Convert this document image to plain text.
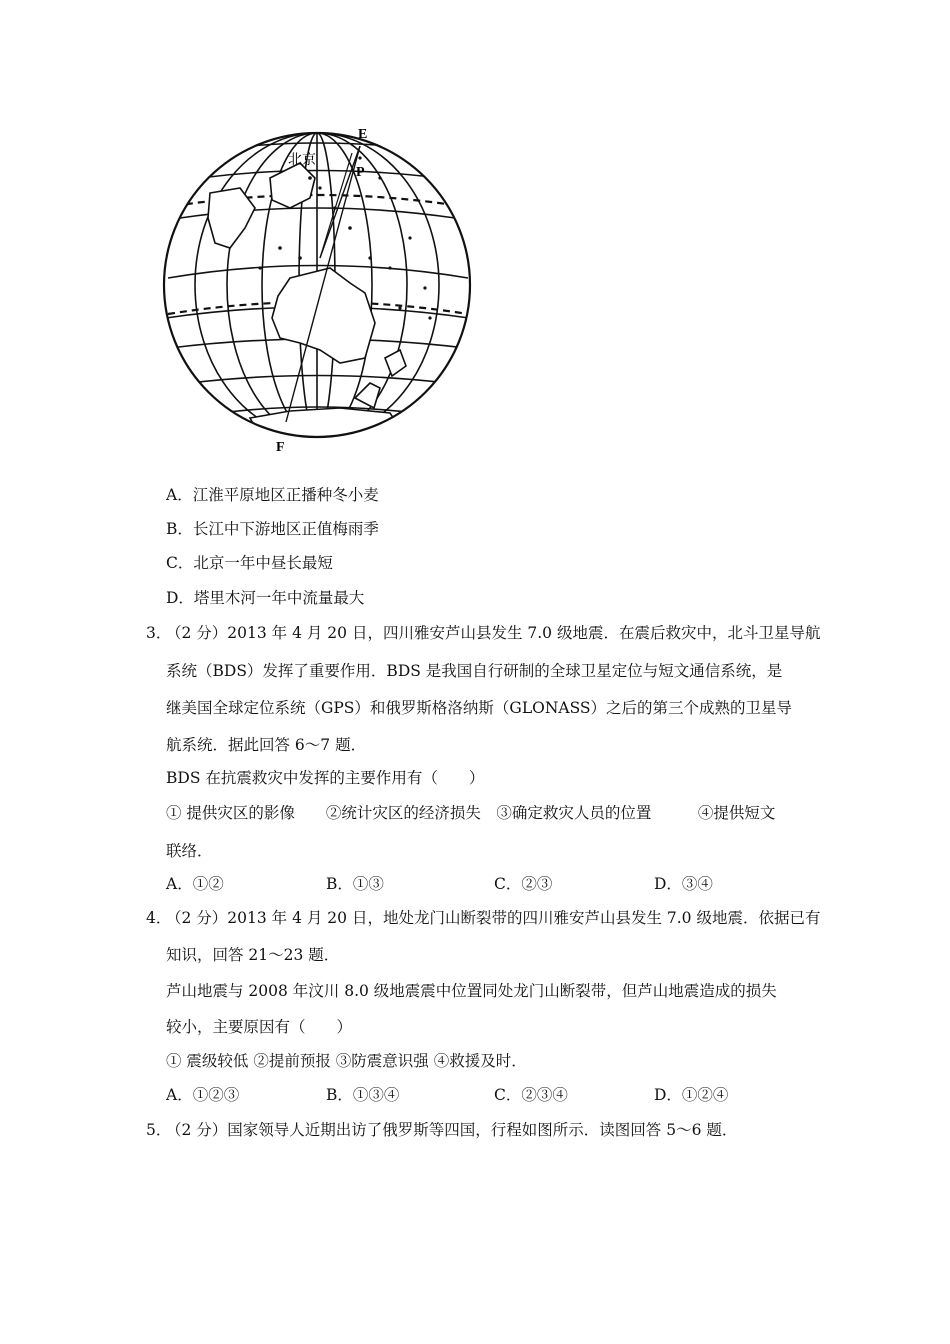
E
P
F
北京
A．江淮平原地区正播种冬小麦
B．长江中下游地区正值梅雨季
C．北京一年中昼长最短
D．塔里木河一年中流量最大
3．
（2 分）2013 年 4 月 20 日，四川雅安芦山县发生 7.0 级地震．在震后救灾中，北斗卫星导航
系统（BDS）发挥了重要作用．BDS 是我国自行研制的全球卫星定位与短文通信系统，是
继美国全球定位系统（GPS）和俄罗斯格洛纳斯（GLONASS）之后的第三个成熟的卫星导
航系统．据此回答 6～7 题．
BDS 在抗震救灾中发挥的主要作用有（　　）
① 提供灾区的影像　　②统计灾区的经济损失　③确定救灾人员的位置　　　④提供短文
联络．
A．①②	B．①③	C．②③	D．③④
4．
（2 分）2013 年 4 月 20 日，地处龙门山断裂带的四川雅安芦山县发生 7.0 级地震．依据已有
知识，回答 21～23 题．
芦山地震与 2008 年汶川 8.0 级地震震中位置同处龙门山断裂带，但芦山地震造成的损失
较小，主要原因有（　　）
① 震级较低 ②提前预报 ③防震意识强 ④救援及时．
A．①②③	B．①③④	C．②③④	D．①②④
5．
（2 分）国家领导人近期出访了俄罗斯等四国，行程如图所示．读图回答 5～6 题．
